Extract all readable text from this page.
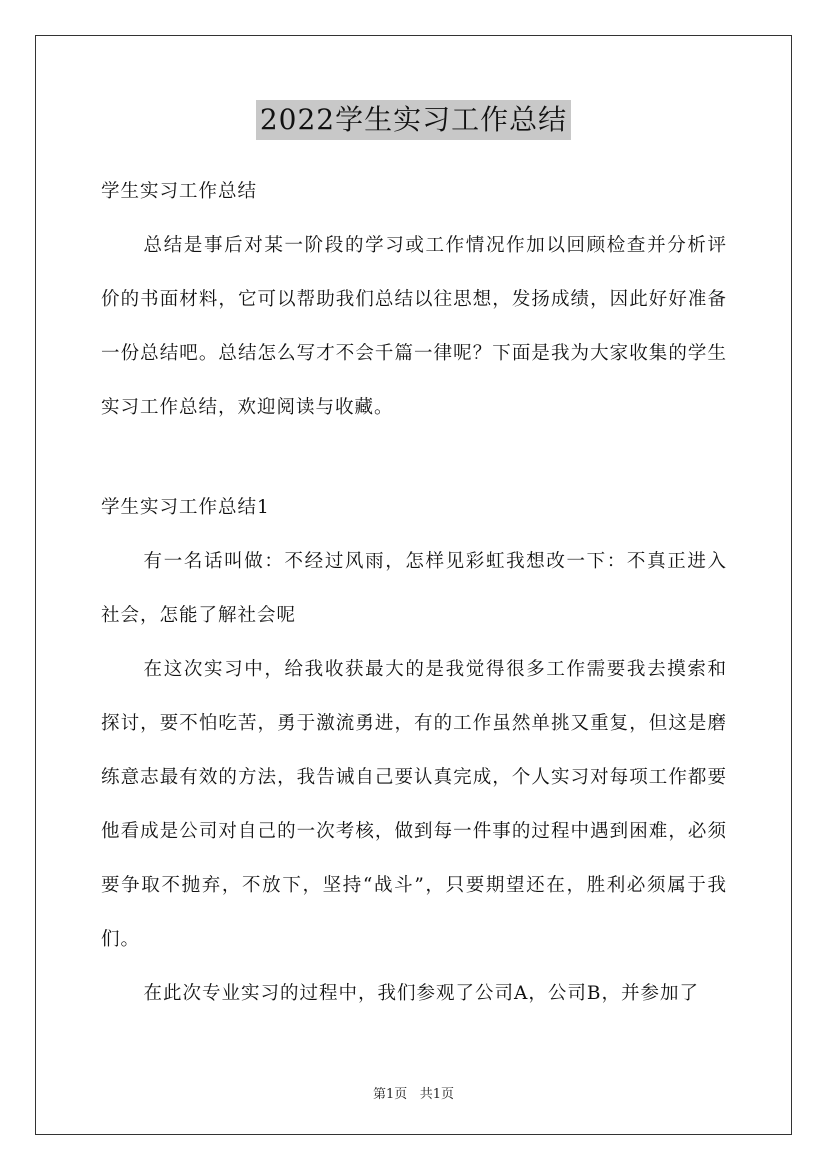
2022学生实习工作总结

学生实习工作总结

总结是事后对某一阶段的学习或工作情况作加以回顾检查并分析评价的书面材料，它可以帮助我们总结以往思想，发扬成绩，因此好好准备一份总结吧。总结怎么写才不会千篇一律呢？下面是我为大家收集的学生实习工作总结，欢迎阅读与收藏。

学生实习工作总结1

有一名话叫做：不经过风雨，怎样见彩虹我想改一下：不真正进入社会，怎能了解社会呢

在这次实习中，给我收获最大的是我觉得很多工作需要我去摸索和探讨，要不怕吃苦，勇于激流勇进，有的工作虽然单挑又重复，但这是磨练意志最有效的方法，我告诫自己要认真完成，个人实习对每项工作都要他看成是公司对自己的一次考核，做到每一件事的过程中遇到困难，必须要争取不抛弃，不放下，坚持“战斗”，只要期望还在，胜利必须属于我们。

在此次专业实习的过程中，我们参观了公司A，公司B，并参加了

第1页 共1页
